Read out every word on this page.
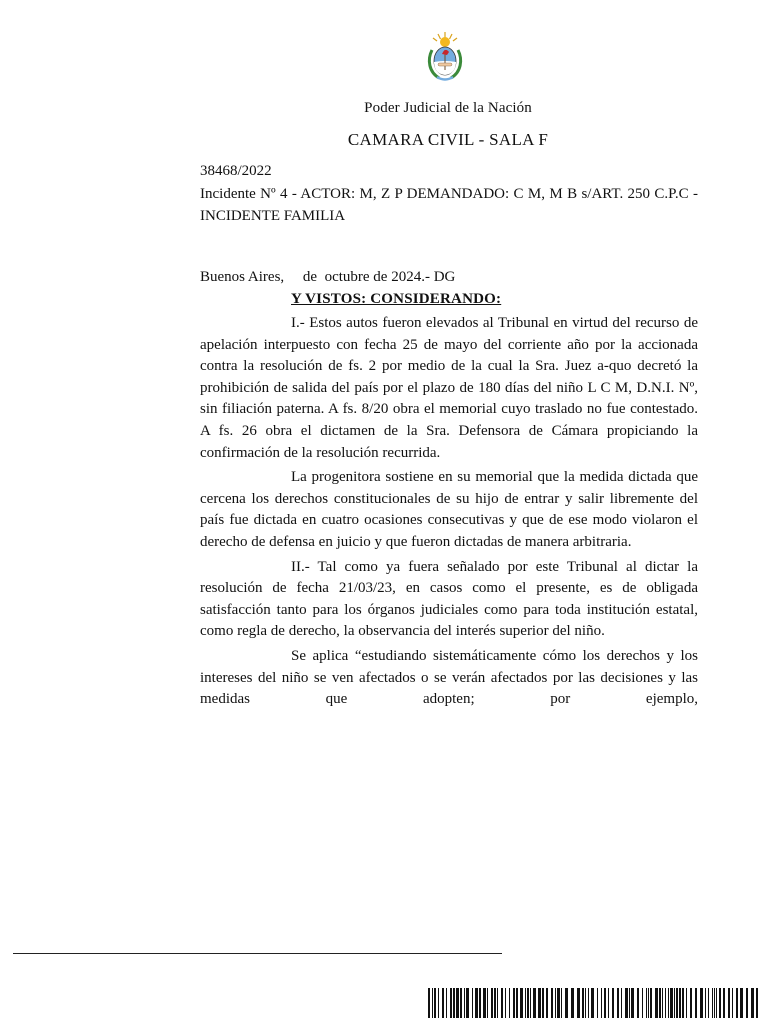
Poder Judicial de la Nación
CAMARA CIVIL - SALA F
38468/2022
Incidente Nº 4 - ACTOR: M, Z P DEMANDADO: C M, M B s/ART. 250 C.P.C - INCIDENTE FAMILIA
Buenos Aires,     de  octubre de 2024.- DG
Y VISTOS: CONSIDERANDO:

I.- Estos autos fueron elevados al Tribunal en virtud del recurso de apelación interpuesto con fecha 25 de mayo del corriente año por la accionada contra la resolución de fs. 2 por medio de la cual la Sra. Juez a-quo decretó la prohibición de salida del país por el plazo de 180 días del niño L C M, D.N.I. Nº, sin filiación paterna. A fs. 8/20 obra el memorial cuyo traslado no fue contestado. A fs. 26 obra el dictamen de la Sra. Defensora de Cámara propiciando la confirmación de la resolución recurrida.

La progenitora sostiene en su memorial que la medida dictada que cercena los derechos constitucionales de su hijo de entrar y salir libremente del país fue dictada en cuatro ocasiones consecutivas y que de ese modo violaron el derecho de defensa en juicio y que fueron dictadas de manera arbitraria.

II.- Tal como ya fuera señalado por este Tribunal al dictar la resolución de fecha 21/03/23, en casos como el presente, es de obligada satisfacción tanto para los órganos judiciales como para toda institución estatal, como regla de derecho, la observancia del interés superior del niño.

Se aplica “estudiando sistemáticamente cómo los derechos y los intereses del niño se ven afectados o se verán afectados por las decisiones y las medidas que adopten; por ejemplo,
